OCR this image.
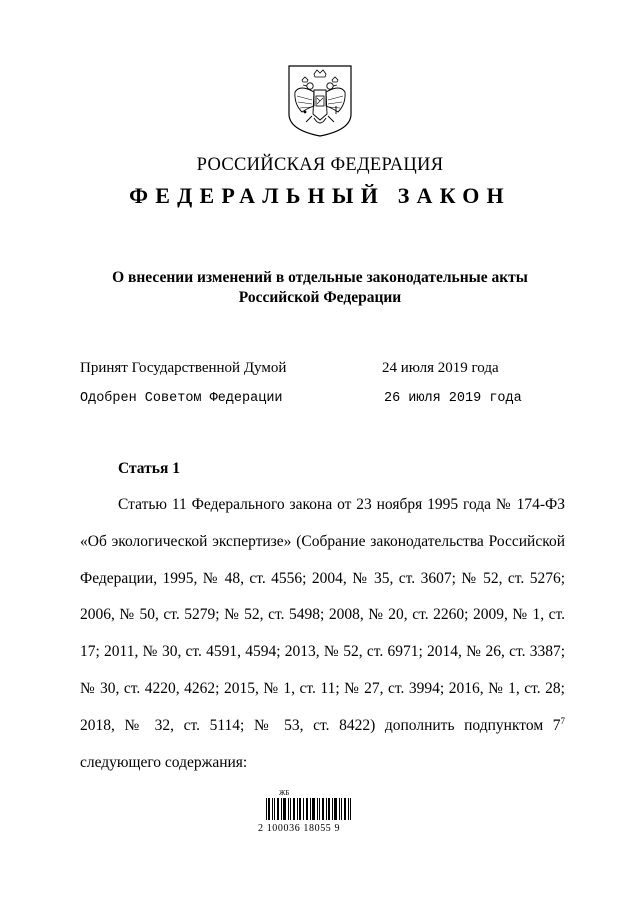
РОССИЙСКАЯ ФЕДЕРАЦИЯ
ФЕДЕРАЛЬНЫЙ ЗАКОН
О внесении изменений в отдельные законодательные акты
Российской Федерации
Принят Государственной Думой	24 июля 2019 года
Одобрен Советом Федерации	26 июля 2019 года
Статья 1
Статью 11 Федерального закона от 23 ноября 1995 года № 174-ФЗ «Об экологической экспертизе» (Собрание законодательства Российской Федерации, 1995, № 48, ст. 4556; 2004, № 35, ст. 3607; № 52, ст. 5276; 2006, № 50, ст. 5279; № 52, ст. 5498; 2008, № 20, ст. 2260; 2009, № 1, ст. 17; 2011, № 30, ст. 4591, 4594; 2013, № 52, ст. 6971; 2014, № 26, ст. 3387; № 30, ст. 4220, 4262; 2015, № 1, ст. 11; № 27, ст. 3994; 2016, № 1, ст. 28; 2018, № 32, ст. 5114; № 53, ст. 8422) дополнить подпунктом $7^7$ следующего содержания:
ЖБ
2 100036 18055 9
